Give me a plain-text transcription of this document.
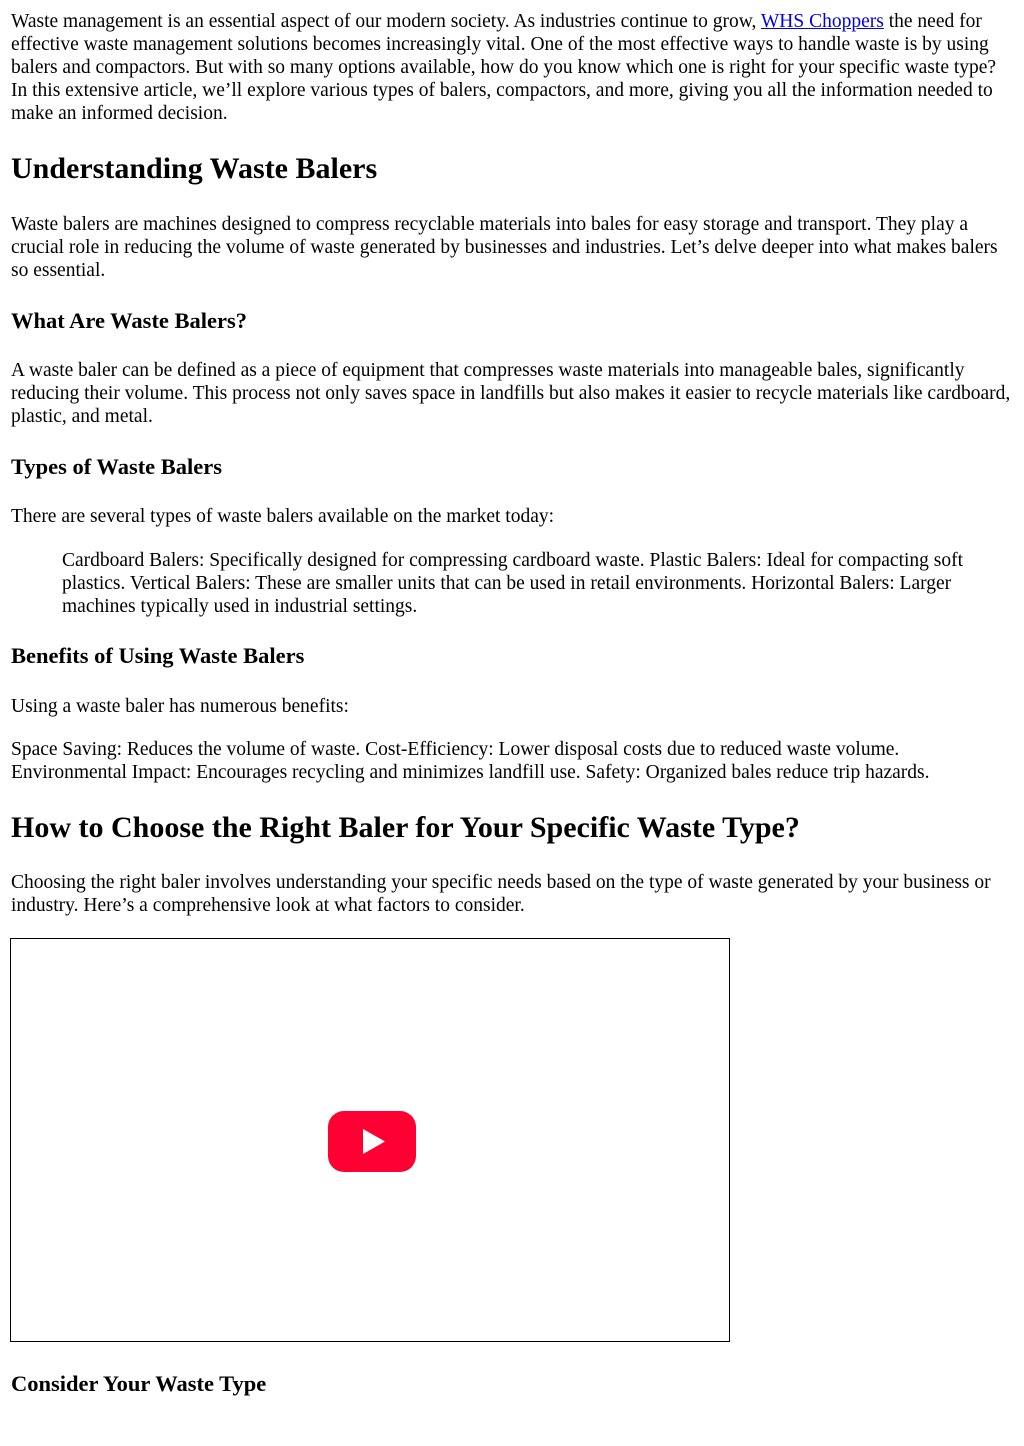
Waste management is an essential aspect of our modern society. As industries continue to grow, WHS Choppers the need for effective waste management solutions becomes increasingly vital. One of the most effective ways to handle waste is by using balers and compactors. But with so many options available, how do you know which one is right for your specific waste type? In this extensive article, we’ll explore various types of balers, compactors, and more, giving you all the information needed to make an informed decision.

Understanding Waste Balers

Waste balers are machines designed to compress recyclable materials into bales for easy storage and transport. They play a crucial role in reducing the volume of waste generated by businesses and industries. Let’s delve deeper into what makes balers so essential.

What Are Waste Balers?

A waste baler can be defined as a piece of equipment that compresses waste materials into manageable bales, significantly reducing their volume. This process not only saves space in landfills but also makes it easier to recycle materials like cardboard, plastic, and metal.

Types of Waste Balers

There are several types of waste balers available on the market today:

Cardboard Balers: Specifically designed for compressing cardboard waste. Plastic Balers: Ideal for compacting soft plastics. Vertical Balers: These are smaller units that can be used in retail environments. Horizontal Balers: Larger machines typically used in industrial settings.

Benefits of Using Waste Balers

Using a waste baler has numerous benefits:

Space Saving: Reduces the volume of waste. Cost-Efficiency: Lower disposal costs due to reduced waste volume. Environmental Impact: Encourages recycling and minimizes landfill use. Safety: Organized bales reduce trip hazards.

How to Choose the Right Baler for Your Specific Waste Type?

Choosing the right baler involves understanding your specific needs based on the type of waste generated by your business or industry. Here’s a comprehensive look at what factors to consider.

Consider Your Waste Type
